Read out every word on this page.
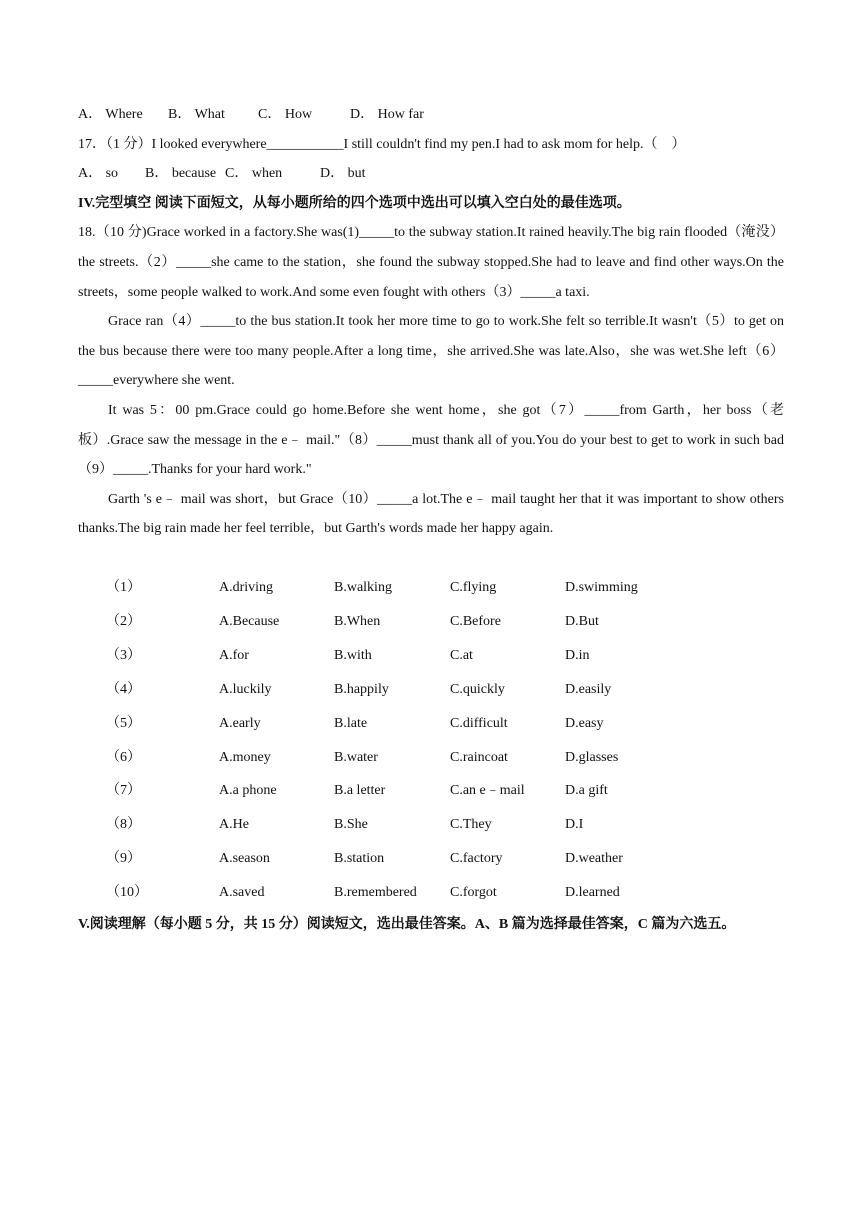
A． Where B． What C． How	D． How far
17．（1 分）I looked everywhere___________I still couldn't find my pen.I had to ask mom for help.（　）
A． so B． because C． when	D． but
IV.完型填空 阅读下面短文，从每小题所给的四个选项中选出可以填入空白处的最佳选项。

18.（10 分)Grace worked in a factory.She was(1)_____to the subway station.It rained heavily.The big rain flooded（淹没） the streets.（2）_____she came to the station，she found the subway stopped.She had to leave and find other ways.On the streets，some people walked to work.And some even fought with others（3）_____a taxi.

Grace ran（4）_____to the bus station.It took her more time to go to work.She felt so terrible.It wasn't（5）to get on the bus because there were too many people.After a long time，she arrived.She was late.Also，she was wet.She left（6）_____everywhere she went.

It was 5：00 pm.Grace could go home.Before she went home，she got（7）_____from Garth，her boss（老板）.Grace saw the message in the e﹣ mail."（8）_____must thank all of you.You do your best to get to work in such bad（9）_____.Thanks for your hard work."

Garth 's e﹣ mail was short，but Grace（10）_____a lot.The e﹣ mail taught her that it was important to show others thanks.The big rain made her feel terrible，but Garth's words made her happy again.

（1）	A.driving	B.walking	C.flying	D.swimming
（2）	A.Because	B.When	C.Before	D.But
（3）	A.for	B.with	C.at	D.in
（4）	A.luckily	B.happily	C.quickly	D.easily
（5）	A.early	B.late	C.difficult	D.easy
（6）	A.money	B.water	C.raincoat	D.glasses
（7）	A.a phone	B.a letter	C.an e﹣mail	D.a gift
（8）	A.He	B.She	C.They	D.I
（9）	A.season	B.station	C.factory	D.weather
（10）	A.saved	B.remembered	C.forgot	D.learned
V.阅读理解（每小题 5 分，共 15 分）阅读短文，选出最佳答案。A、B 篇为选择最佳答案，C 篇为六选五。
